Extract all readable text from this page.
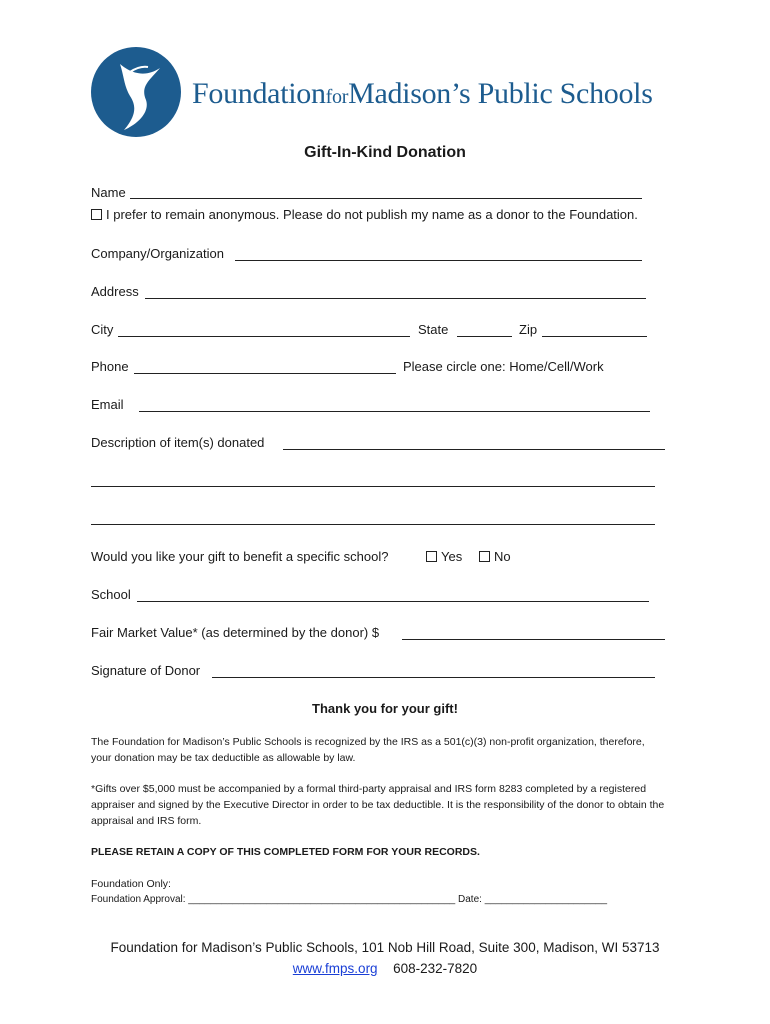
FoundationforMadison’s Public Schools
Gift-In-Kind Donation
Name
I prefer to remain anonymous. Please do not publish my name as a donor to the Foundation.
Company/Organization
Address
City	State	Zip
Phone	Please circle one: Home/Cell/Work
Email
Description of item(s) donated
Would you like your gift to benefit a specific school?	Yes	No
School
Fair Market Value* (as determined by the donor) $
Signature of Donor
Thank you for your gift!
The Foundation for Madison’s Public Schools is recognized by the IRS as a 501(c)(3) non-profit organization, therefore, your donation may be tax deductible as allowable by law.
*Gifts over $5,000 must be accompanied by a formal third-party appraisal and IRS form 8283 completed by a registered appraiser and signed by the Executive Director in order to be tax deductible. It is the responsibility of the donor to obtain the appraisal and IRS form.
PLEASE RETAIN A COPY OF THIS COMPLETED FORM FOR YOUR RECORDS.
Foundation Only:
Foundation Approval: ________________________________________________ Date: ______________________
Foundation for Madison’s Public Schools, 101 Nob Hill Road, Suite 300, Madison, WI 53713
www.fmps.org 608-232-7820
